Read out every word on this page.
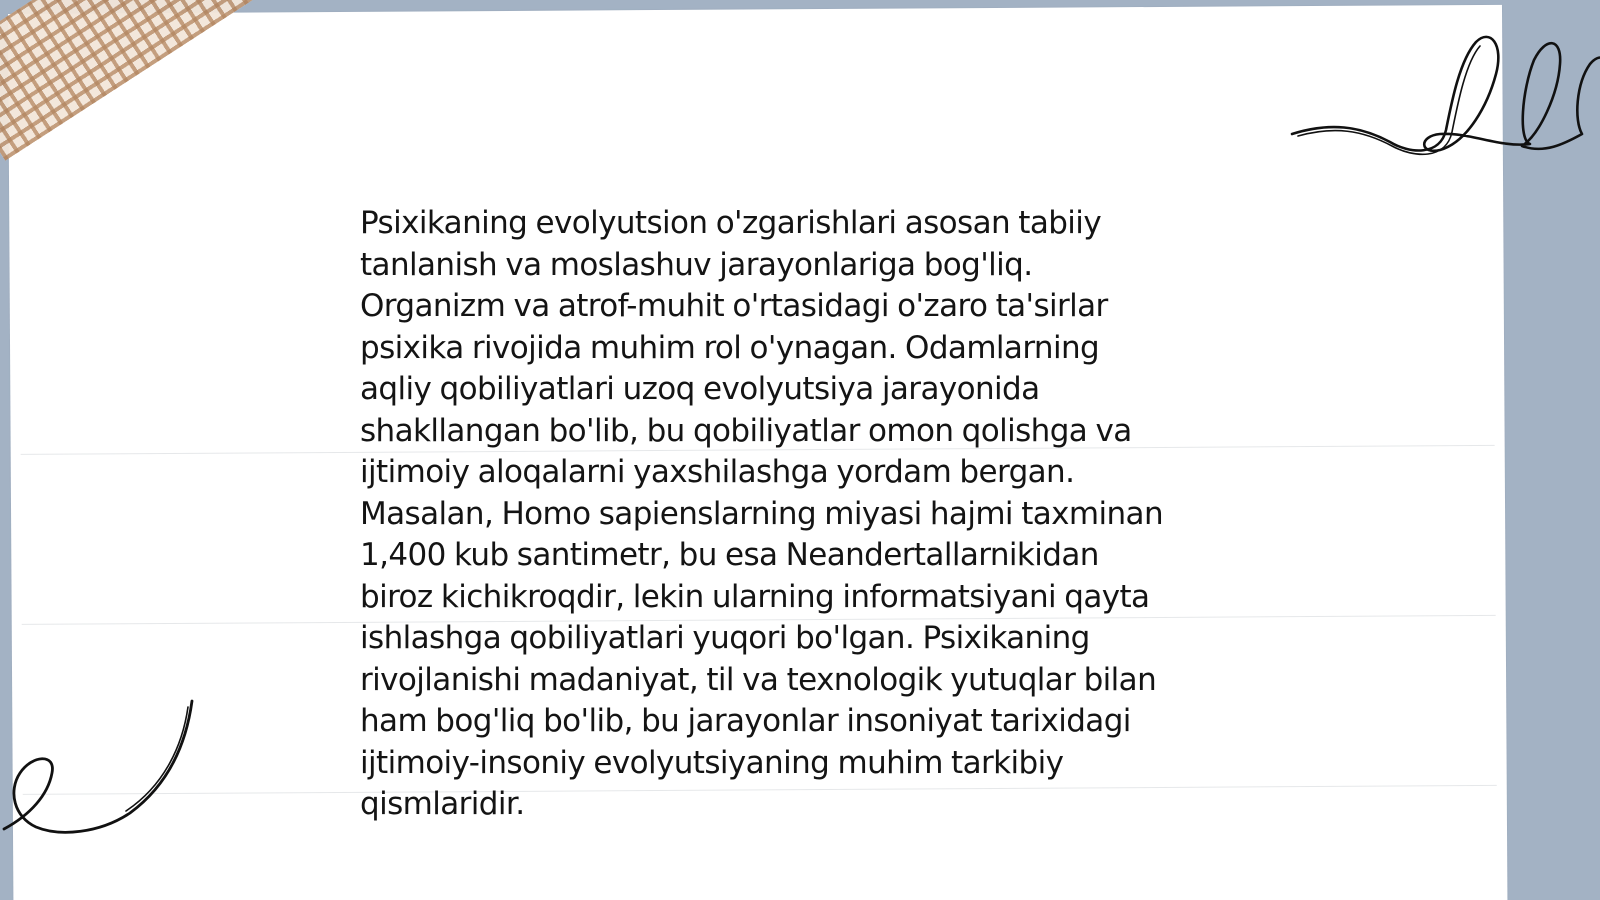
Psixikaning evolyutsion o'zgarishlari asosan tabiiy
tanlanish va moslashuv jarayonlariga bog'liq.
Organizm va atrof-muhit o'rtasidagi o'zaro ta'sirlar
psixika rivojida muhim rol o'ynagan. Odamlarning
aqliy qobiliyatlari uzoq evolyutsiya jarayonida
shakllangan bo'lib, bu qobiliyatlar omon qolishga va
ijtimoiy aloqalarni yaxshilashga yordam bergan.
Masalan, Homo sapienslarning miyasi hajmi taxminan
1,400 kub santimetr, bu esa Neandertallarnikidan
biroz kichikroqdir, lekin ularning informatsiyani qayta
ishlashga qobiliyatlari yuqori bo'lgan. Psixikaning
rivojlanishi madaniyat, til va texnologik yutuqlar bilan
ham bog'liq bo'lib, bu jarayonlar insoniyat tarixidagi
ijtimoiy-insoniy evolyutsiyaning muhim tarkibiy
qismlaridir.
